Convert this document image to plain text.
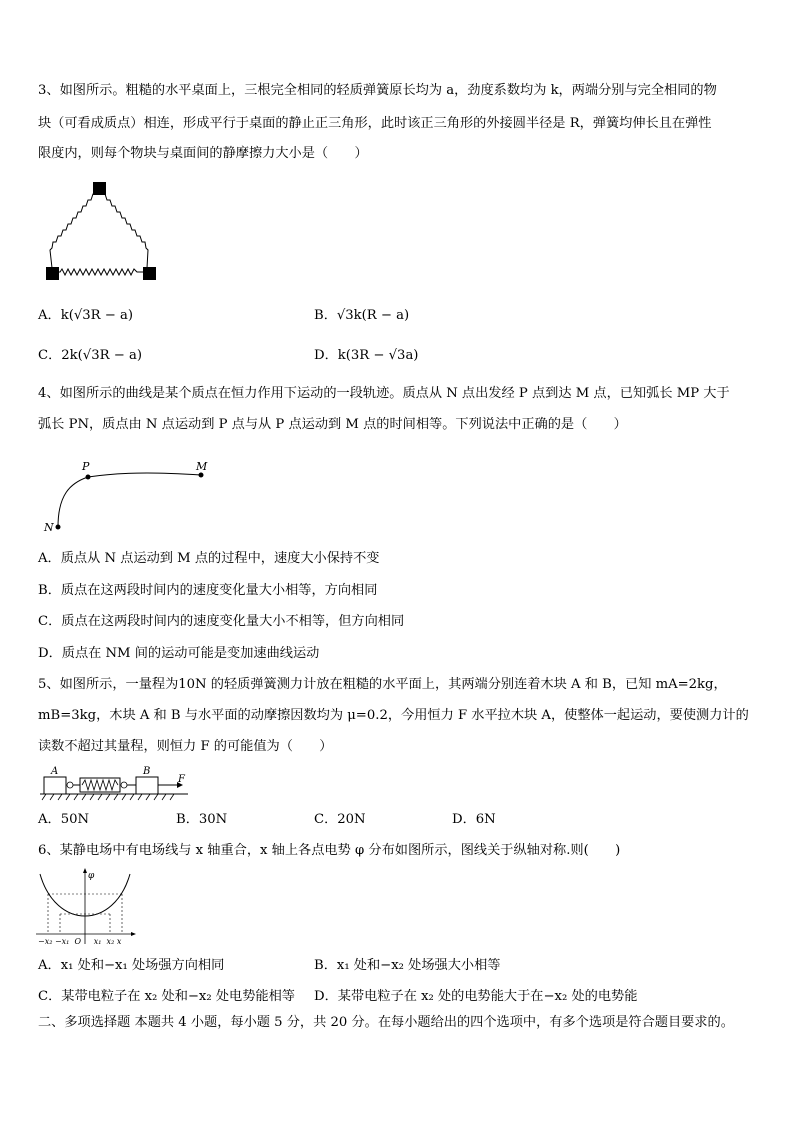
3、如图所示。粗糙的水平桌面上，三根完全相同的轻质弹簧原长均为 a，劲度系数均为 k，两端分别与完全相同的物
块（可看成质点）相连，形成平行于桌面的静止正三角形，此时该正三角形的外接圆半径是 R，弹簧均伸长且在弹性
限度内，则每个物块与桌面间的静摩擦力大小是（　　）
A．k(√3R − a)	B．√3k(R − a)
C．2k(√3R − a)	D．k(3R − √3a)
4、如图所示的曲线是某个质点在恒力作用下运动的一段轨迹。质点从 N 点出发经 P 点到达 M 点，已知弧长 MP 大于
弧长 PN，质点由 N 点运动到 P 点与从 P 点运动到 M 点的时间相等。下列说法中正确的是（　　）
P	M
N
A．质点从 N 点运动到 M 点的过程中，速度大小保持不变
B．质点在这两段时间内的速度变化量大小相等，方向相同
C．质点在这两段时间内的速度变化量大小不相等，但方向相同
D．质点在 NM 间的运动可能是变加速曲线运动
5、如图所示，一量程为10N 的轻质弹簧测力计放在粗糙的水平面上，其两端分别连着木块 A 和 B，已知 mA=2kg，
mB=3kg，木块 A 和 B 与水平面的动摩擦因数均为 μ=0.2，今用恒力 F 水平拉木块 A，使整体一起运动，要使测力计的
读数不超过其量程，则恒力 F 的可能值为（　　）
A	B
F
A．50N	B．30N	C．20N	D．6N
6、某静电场中有电场线与 x 轴重合，x 轴上各点电势 φ 分布如图所示，图线关于纵轴对称.则(　　)
φ
−x₂ −x₁  O     x₁  x₂ x
A．x₁ 处和−x₁ 处场强方向相同	B．x₁ 处和−x₂ 处场强大小相等
C．某带电粒子在 x₂ 处和−x₂ 处电势能相等 D．某带电粒子在 x₂ 处的电势能大于在−x₂ 处的电势能
二、多项选择题 本题共 4 小题，每小题 5 分，共 20 分。在每小题给出的四个选项中，有多个选项是符合题目要求的。
